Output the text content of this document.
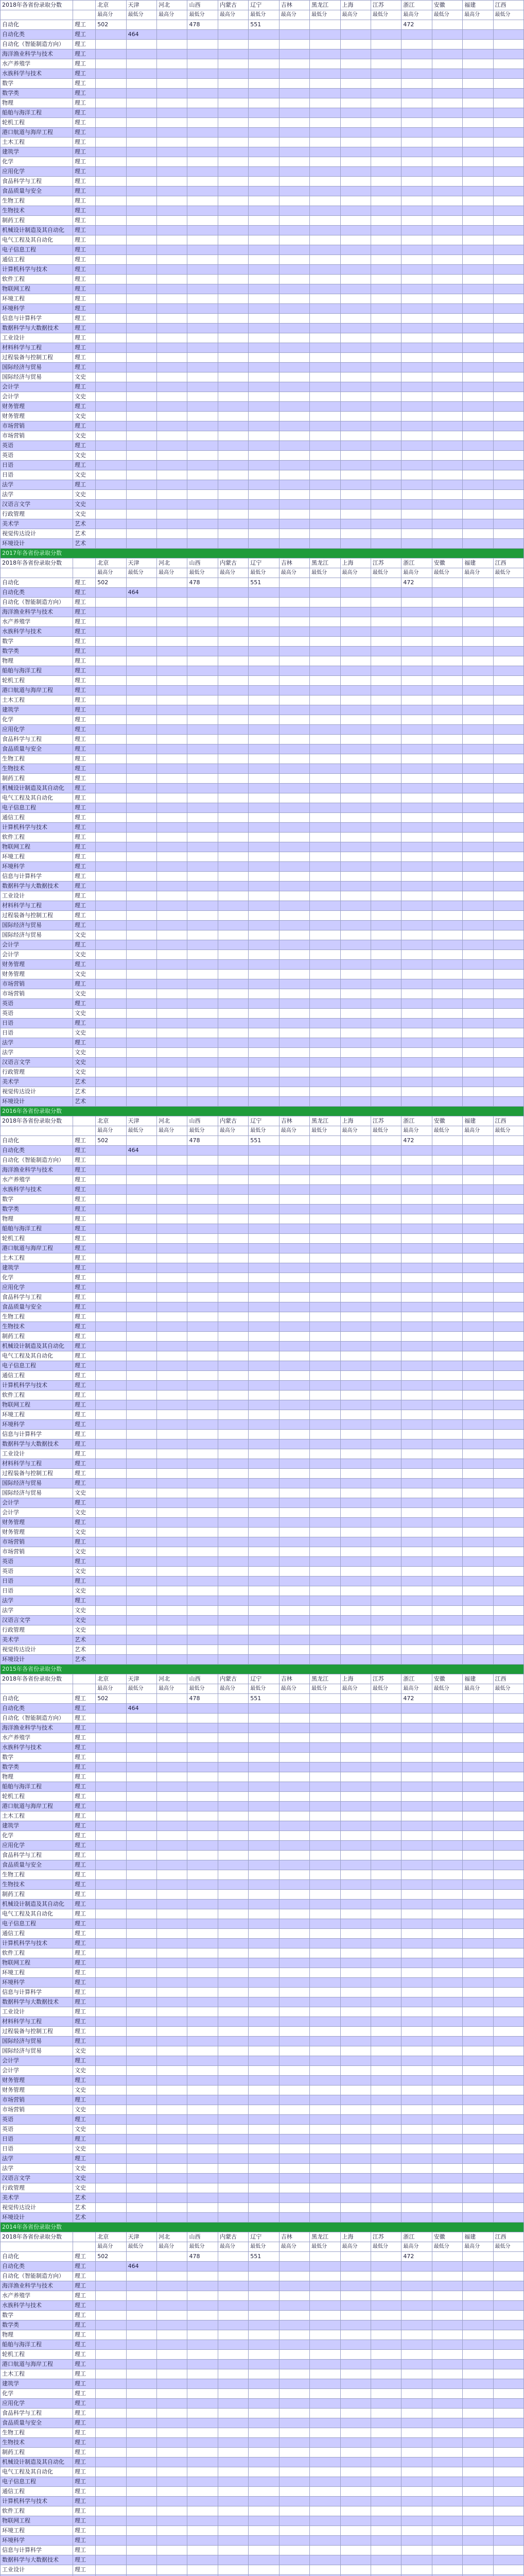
2018年各省份录取分数		北京	天津	河北	山西	内蒙古	辽宁	吉林	黑龙江	上海	江苏	浙江	安徽	福建	江西
		最高分	最低分	最高分	最低分	最高分	最低分	最高分	最低分	最高分	最低分	最高分	最低分	最高分	最低分
自动化	理工	502			478		551					472			
自动化类	理工		464												
自动化（智能制造方向）	理工														
海洋渔业科学与技术	理工														
水产养殖学	理工														
水族科学与技术	理工														
数学	理工														
数学类	理工														
物理	理工														
船舶与海洋工程	理工														
轮机工程	理工														
港口航道与海岸工程	理工														
土木工程	理工														
建筑学	理工														
化学	理工														
应用化学	理工														
食品科学与工程	理工														
食品质量与安全	理工														
生物工程	理工														
生物技术	理工														
制药工程	理工														
机械设计制造及其自动化	理工														
电气工程及其自动化	理工														
电子信息工程	理工														
通信工程	理工														
计算机科学与技术	理工														
软件工程	理工														
物联网工程	理工														
环境工程	理工														
环境科学	理工														
信息与计算科学	理工														
数据科学与大数据技术	理工														
工业设计	理工														
材料科学与工程	理工														
过程装备与控制工程	理工														
国际经济与贸易	理工														
国际经济与贸易	文史														
会计学	理工														
会计学	文史														
财务管理	理工														
财务管理	文史														
市场营销	理工														
市场营销	文史														
英语	理工														
英语	文史														
日语	理工														
日语	文史														
法学	理工														
法学	文史														
汉语言文学	文史														
行政管理	文史														
美术学	艺术														
视觉传达设计	艺术														
环境设计	艺术														
2017年各省份录取分数															
2018年各省份录取分数		北京	天津	河北	山西	内蒙古	辽宁	吉林	黑龙江	上海	江苏	浙江	安徽	福建	江西
		最高分	最低分	最高分	最低分	最高分	最低分	最高分	最低分	最高分	最低分	最高分	最低分	最高分	最低分
自动化	理工	502			478		551					472			
自动化类	理工		464												
自动化（智能制造方向）	理工														
海洋渔业科学与技术	理工														
水产养殖学	理工														
水族科学与技术	理工														
数学	理工														
数学类	理工														
物理	理工														
船舶与海洋工程	理工														
轮机工程	理工														
港口航道与海岸工程	理工														
土木工程	理工														
建筑学	理工														
化学	理工														
应用化学	理工														
食品科学与工程	理工														
食品质量与安全	理工														
生物工程	理工														
生物技术	理工														
制药工程	理工														
机械设计制造及其自动化	理工														
电气工程及其自动化	理工														
电子信息工程	理工														
通信工程	理工														
计算机科学与技术	理工														
软件工程	理工														
物联网工程	理工														
环境工程	理工														
环境科学	理工														
信息与计算科学	理工														
数据科学与大数据技术	理工														
工业设计	理工														
材料科学与工程	理工														
过程装备与控制工程	理工														
国际经济与贸易	理工														
国际经济与贸易	文史														
会计学	理工														
会计学	文史														
财务管理	理工														
财务管理	文史														
市场营销	理工														
市场营销	文史														
英语	理工														
英语	文史														
日语	理工														
日语	文史														
法学	理工														
法学	文史														
汉语言文学	文史														
行政管理	文史														
美术学	艺术														
视觉传达设计	艺术														
环境设计	艺术														
2016年各省份录取分数															
2018年各省份录取分数		北京	天津	河北	山西	内蒙古	辽宁	吉林	黑龙江	上海	江苏	浙江	安徽	福建	江西
		最高分	最低分	最高分	最低分	最高分	最低分	最高分	最低分	最高分	最低分	最高分	最低分	最高分	最低分
自动化	理工	502			478		551					472			
自动化类	理工		464												
自动化（智能制造方向）	理工														
海洋渔业科学与技术	理工														
水产养殖学	理工														
水族科学与技术	理工														
数学	理工														
数学类	理工														
物理	理工														
船舶与海洋工程	理工														
轮机工程	理工														
港口航道与海岸工程	理工														
土木工程	理工														
建筑学	理工														
化学	理工														
应用化学	理工														
食品科学与工程	理工														
食品质量与安全	理工														
生物工程	理工														
生物技术	理工														
制药工程	理工														
机械设计制造及其自动化	理工														
电气工程及其自动化	理工														
电子信息工程	理工														
通信工程	理工														
计算机科学与技术	理工														
软件工程	理工														
物联网工程	理工														
环境工程	理工														
环境科学	理工														
信息与计算科学	理工														
数据科学与大数据技术	理工														
工业设计	理工														
材料科学与工程	理工														
过程装备与控制工程	理工														
国际经济与贸易	理工														
国际经济与贸易	文史														
会计学	理工														
会计学	文史														
财务管理	理工														
财务管理	文史														
市场营销	理工														
市场营销	文史														
英语	理工														
英语	文史														
日语	理工														
日语	文史														
法学	理工														
法学	文史														
汉语言文学	文史														
行政管理	文史														
美术学	艺术														
视觉传达设计	艺术														
环境设计	艺术														
2015年各省份录取分数															
2018年各省份录取分数		北京	天津	河北	山西	内蒙古	辽宁	吉林	黑龙江	上海	江苏	浙江	安徽	福建	江西
		最高分	最低分	最高分	最低分	最高分	最低分	最高分	最低分	最高分	最低分	最高分	最低分	最高分	最低分
自动化	理工	502			478		551					472			
自动化类	理工		464												
自动化（智能制造方向）	理工														
海洋渔业科学与技术	理工														
水产养殖学	理工														
水族科学与技术	理工														
数学	理工														
数学类	理工														
物理	理工														
船舶与海洋工程	理工														
轮机工程	理工														
港口航道与海岸工程	理工														
土木工程	理工														
建筑学	理工														
化学	理工														
应用化学	理工														
食品科学与工程	理工														
食品质量与安全	理工														
生物工程	理工														
生物技术	理工														
制药工程	理工														
机械设计制造及其自动化	理工														
电气工程及其自动化	理工														
电子信息工程	理工														
通信工程	理工														
计算机科学与技术	理工														
软件工程	理工														
物联网工程	理工														
环境工程	理工														
环境科学	理工														
信息与计算科学	理工														
数据科学与大数据技术	理工														
工业设计	理工														
材料科学与工程	理工														
过程装备与控制工程	理工														
国际经济与贸易	理工														
国际经济与贸易	文史														
会计学	理工														
会计学	文史														
财务管理	理工														
财务管理	文史														
市场营销	理工														
市场营销	文史														
英语	理工														
英语	文史														
日语	理工														
日语	文史														
法学	理工														
法学	文史														
汉语言文学	文史														
行政管理	文史														
美术学	艺术														
视觉传达设计	艺术														
环境设计	艺术														
2014年各省份录取分数															
2018年各省份录取分数		北京	天津	河北	山西	内蒙古	辽宁	吉林	黑龙江	上海	江苏	浙江	安徽	福建	江西
		最高分	最低分	最高分	最低分	最高分	最低分	最高分	最低分	最高分	最低分	最高分	最低分	最高分	最低分
自动化	理工	502			478		551					472			
自动化类	理工		464												
自动化（智能制造方向）	理工														
海洋渔业科学与技术	理工														
水产养殖学	理工														
水族科学与技术	理工														
数学	理工														
数学类	理工														
物理	理工														
船舶与海洋工程	理工														
轮机工程	理工														
港口航道与海岸工程	理工														
土木工程	理工														
建筑学	理工														
化学	理工														
应用化学	理工														
食品科学与工程	理工														
食品质量与安全	理工														
生物工程	理工														
生物技术	理工														
制药工程	理工														
机械设计制造及其自动化	理工														
电气工程及其自动化	理工														
电子信息工程	理工														
通信工程	理工														
计算机科学与技术	理工														
软件工程	理工														
物联网工程	理工														
环境工程	理工														
环境科学	理工														
信息与计算科学	理工														
数据科学与大数据技术	理工														
工业设计	理工														
